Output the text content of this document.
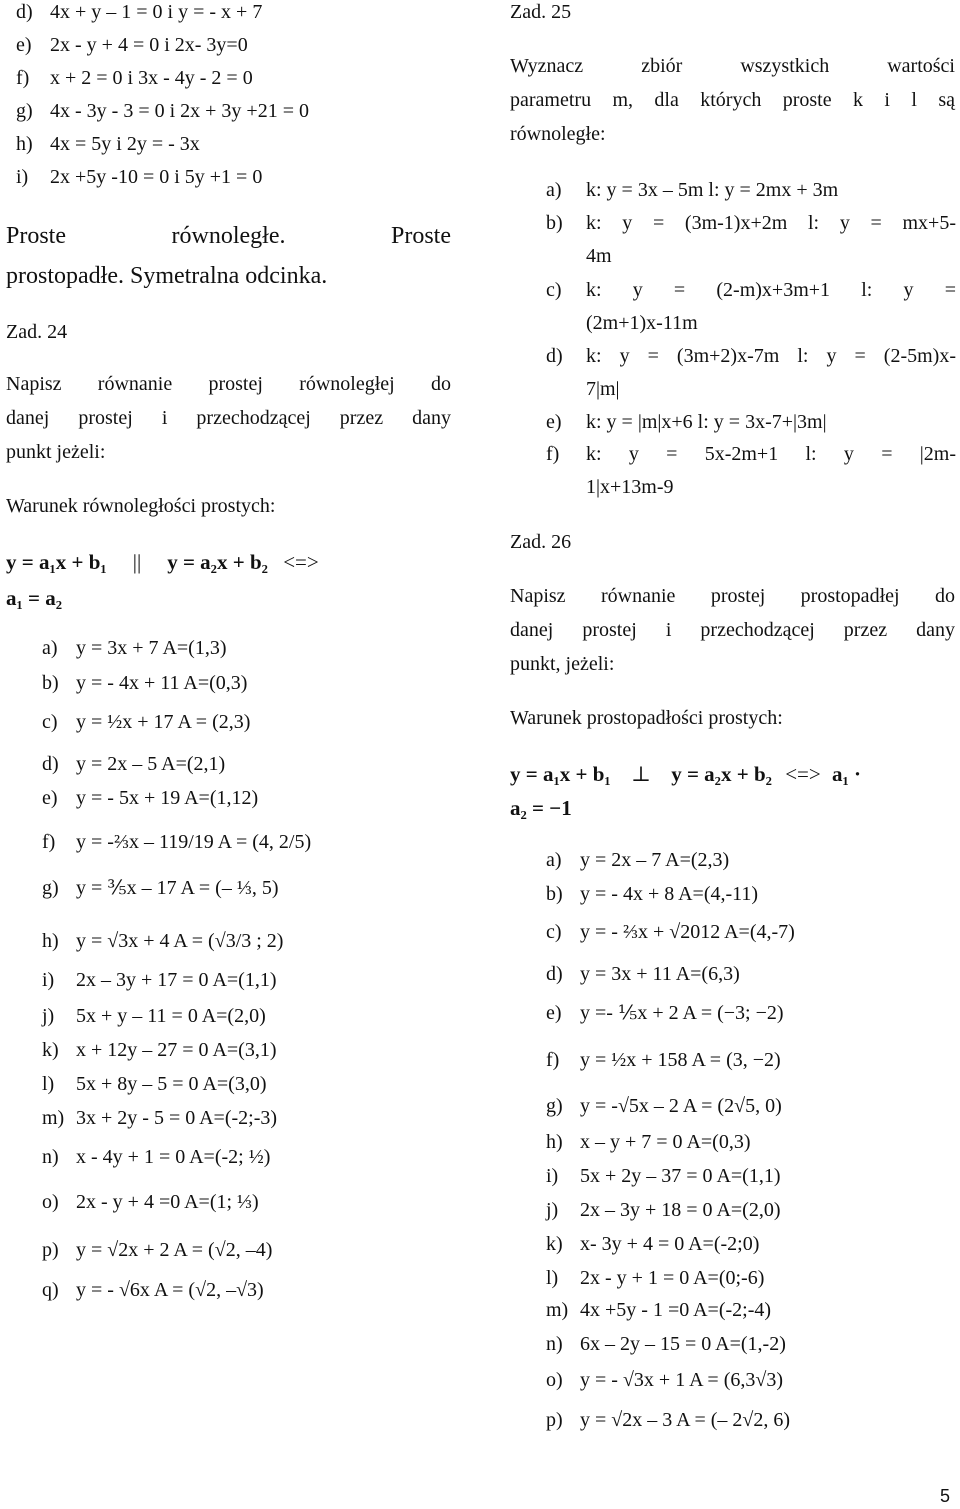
d) 4x + y – 1 = 0 i y = - x + 7
e) 2x - y + 4 = 0 i 2x- 3y=0
f) x + 2 = 0 i 3x - 4y - 2 = 0
g) 4x - 3y - 3 = 0 i 2x + 3y +21 = 0
h) 4x = 5y i 2y = - 3x
i) 2x +5y -10 = 0 i 5y +1 = 0
Proste	równoległe.	Proste
prostopadłe. Symetralna odcinka.
Zad. 24
Napisz równanie prostej równoległej do
danej prostej i przechodzącej przez dany
punkt jeżeli:
Warunek równoległości prostych:
y = a₁x + b₁ || y = a₂x + b₂ <=>
a₁ = a₂
a) y = 3x + 7 A=(1,3)
b) y = - 4x + 11 A=(0,3)
c) y = ½x + 17 A = (2,3)
d) y = 2x – 5 A=(2,1)
e) y = - 5x + 19 A=(1,12)
f) y = -⅔x – 119/19 A = (4, 2/5)
g) y = ⅗x – 17 A = (– ⅓, 5)
h) y = √3x + 4 A = (√3/3 ; 2)
i) 2x – 3y + 17 = 0 A=(1,1)
j) 5x + y – 11 = 0 A=(2,0)
k) x + 12y – 27 = 0 A=(3,1)
l) 5x + 8y – 5 = 0 A=(3,0)
m) 3x + 2y - 5 = 0 A=(-2;-3)
n) x - 4y + 1 = 0 A=(-2; ½)
o) 2x - y + 4 =0 A=(1; ⅓)
p) y = √2x + 2 A = (√2, –4)
q) y = - √6x A = (√2, –√3)
Zad. 25
Wyznacz zbiór wszystkich wartości
parametru m, dla których proste k i l są
równoległe:
a) k: y = 3x – 5m l: y = 2mx + 3m
b) k: y = (3m-1)x+2m l: y = mx+5-
4m
c) k: y = (2-m)x+3m+1 l: y =
(2m+1)x-11m
d) k: y = (3m+2)x-7m l: y = (2-5m)x-
7|m|
e) k: y = |m|x+6 l: y = 3x-7+|3m|
f) k: y = 5x-2m+1 l: y = |2m-
1|x+13m-9
Zad. 26
Napisz równanie prostej prostopadłej do
danej prostej i przechodzącej przez dany
punkt, jeżeli:
Warunek prostopadłości prostych:
y = a₁x + b₁ ⊥ y = a₂x + b₂ <=> a₁ ·
a₂ = −1
a) y = 2x – 7 A=(2,3)
b) y = - 4x + 8 A=(4,-11)
c) y = - ⅔x + √2012 A=(4,-7)
d) y = 3x + 11 A=(6,3)
e) y =- ⅕x + 2 A = (−3; −2)
f) y = ½x + 158 A = (3, −2)
g) y = -√5x – 2 A = (2√5, 0)
h) x – y + 7 = 0 A=(0,3)
i) 5x + 2y – 37 = 0 A=(1,1)
j) 2x – 3y + 18 = 0 A=(2,0)
k) x- 3y + 4 = 0 A=(-2;0)
l) 2x - y + 1 = 0 A=(0;-6)
m) 4x +5y - 1 =0 A=(-2;-4)
n) 6x – 2y – 15 = 0 A=(1,-2)
o) y = - √3x + 1 A = (6,3√3)
p) y = √2x – 3 A = (– 2√2, 6)
5
